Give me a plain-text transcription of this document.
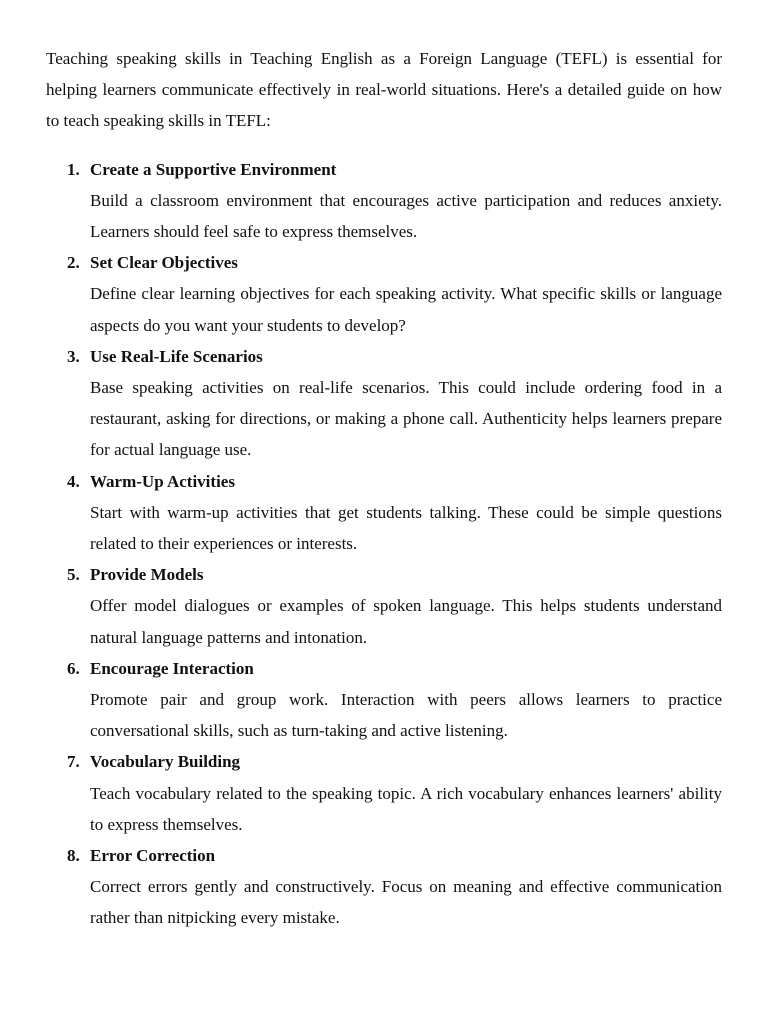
Teaching speaking skills in Teaching English as a Foreign Language (TEFL) is essential for helping learners communicate effectively in real-world situations. Here's a detailed guide on how to teach speaking skills in TEFL:

1. Create a Supportive Environment

Build a classroom environment that encourages active participation and reduces anxiety. Learners should feel safe to express themselves.

2. Set Clear Objectives

Define clear learning objectives for each speaking activity. What specific skills or language aspects do you want your students to develop?

3. Use Real-Life Scenarios

Base speaking activities on real-life scenarios. This could include ordering food in a restaurant, asking for directions, or making a phone call. Authenticity helps learners prepare for actual language use.

4. Warm-Up Activities

Start with warm-up activities that get students talking. These could be simple questions related to their experiences or interests.

5. Provide Models

Offer model dialogues or examples of spoken language. This helps students understand natural language patterns and intonation.

6. Encourage Interaction

Promote pair and group work. Interaction with peers allows learners to practice conversational skills, such as turn-taking and active listening.

7. Vocabulary Building

Teach vocabulary related to the speaking topic. A rich vocabulary enhances learners' ability to express themselves.

8. Error Correction

Correct errors gently and constructively. Focus on meaning and effective communication rather than nitpicking every mistake.
